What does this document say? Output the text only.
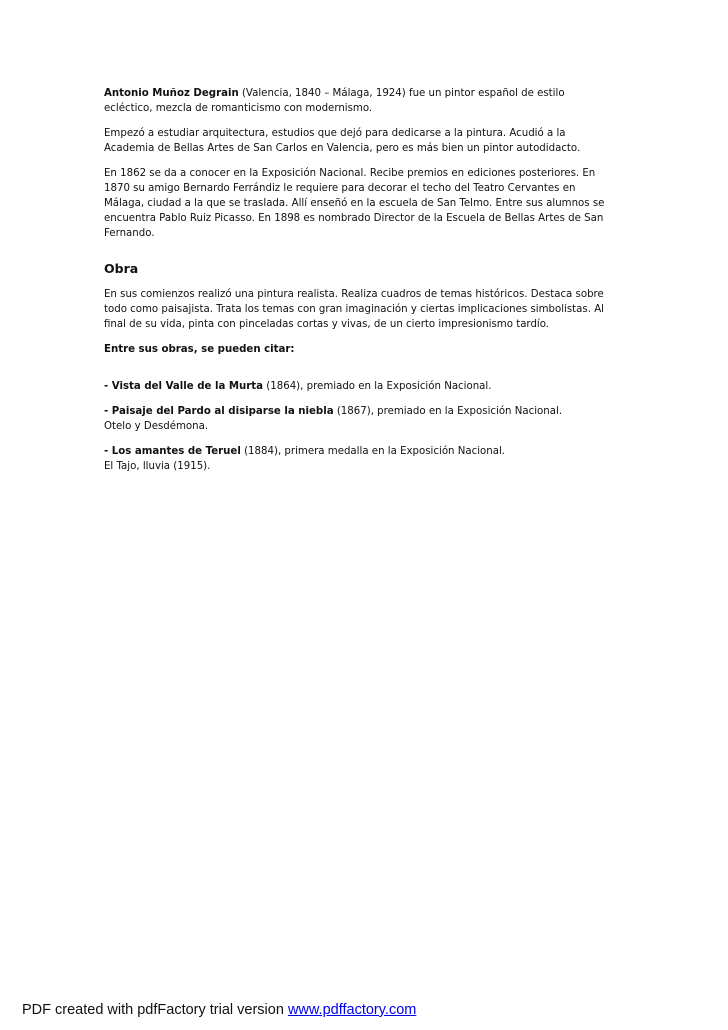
Antonio Muñoz Degrain (Valencia, 1840 – Málaga, 1924) fue un pintor español de estilo
ecléctico, mezcla de romanticismo con modernismo.

Empezó a estudiar arquitectura, estudios que dejó para dedicarse a la pintura. Acudió a la
Academia de Bellas Artes de San Carlos en Valencia, pero es más bien un pintor autodidacto.

En 1862 se da a conocer en la Exposición Nacional. Recibe premios en ediciones posteriores. En
1870 su amigo Bernardo Ferrándiz le requiere para decorar el techo del Teatro Cervantes en
Málaga, ciudad a la que se traslada. Allí enseñó en la escuela de San Telmo. Entre sus alumnos se
encuentra Pablo Ruiz Picasso. En 1898 es nombrado Director de la Escuela de Bellas Artes de San
Fernando.

Obra

En sus comienzos realizó una pintura realista. Realiza cuadros de temas históricos. Destaca sobre
todo como paisajista. Trata los temas con gran imaginación y ciertas implicaciones simbolistas. Al
final de su vida, pinta con pinceladas cortas y vivas, de un cierto impresionismo tardío.

Entre sus obras, se pueden citar:

- Vista del Valle de la Murta (1864), premiado en la Exposición Nacional.

- Paisaje del Pardo al disiparse la niebla (1867), premiado en la Exposición Nacional.
Otelo y Desdémona.

- Los amantes de Teruel (1884), primera medalla en la Exposición Nacional.
El Tajo, lluvia (1915).

PDF created with pdfFactory trial version www.pdffactory.com
